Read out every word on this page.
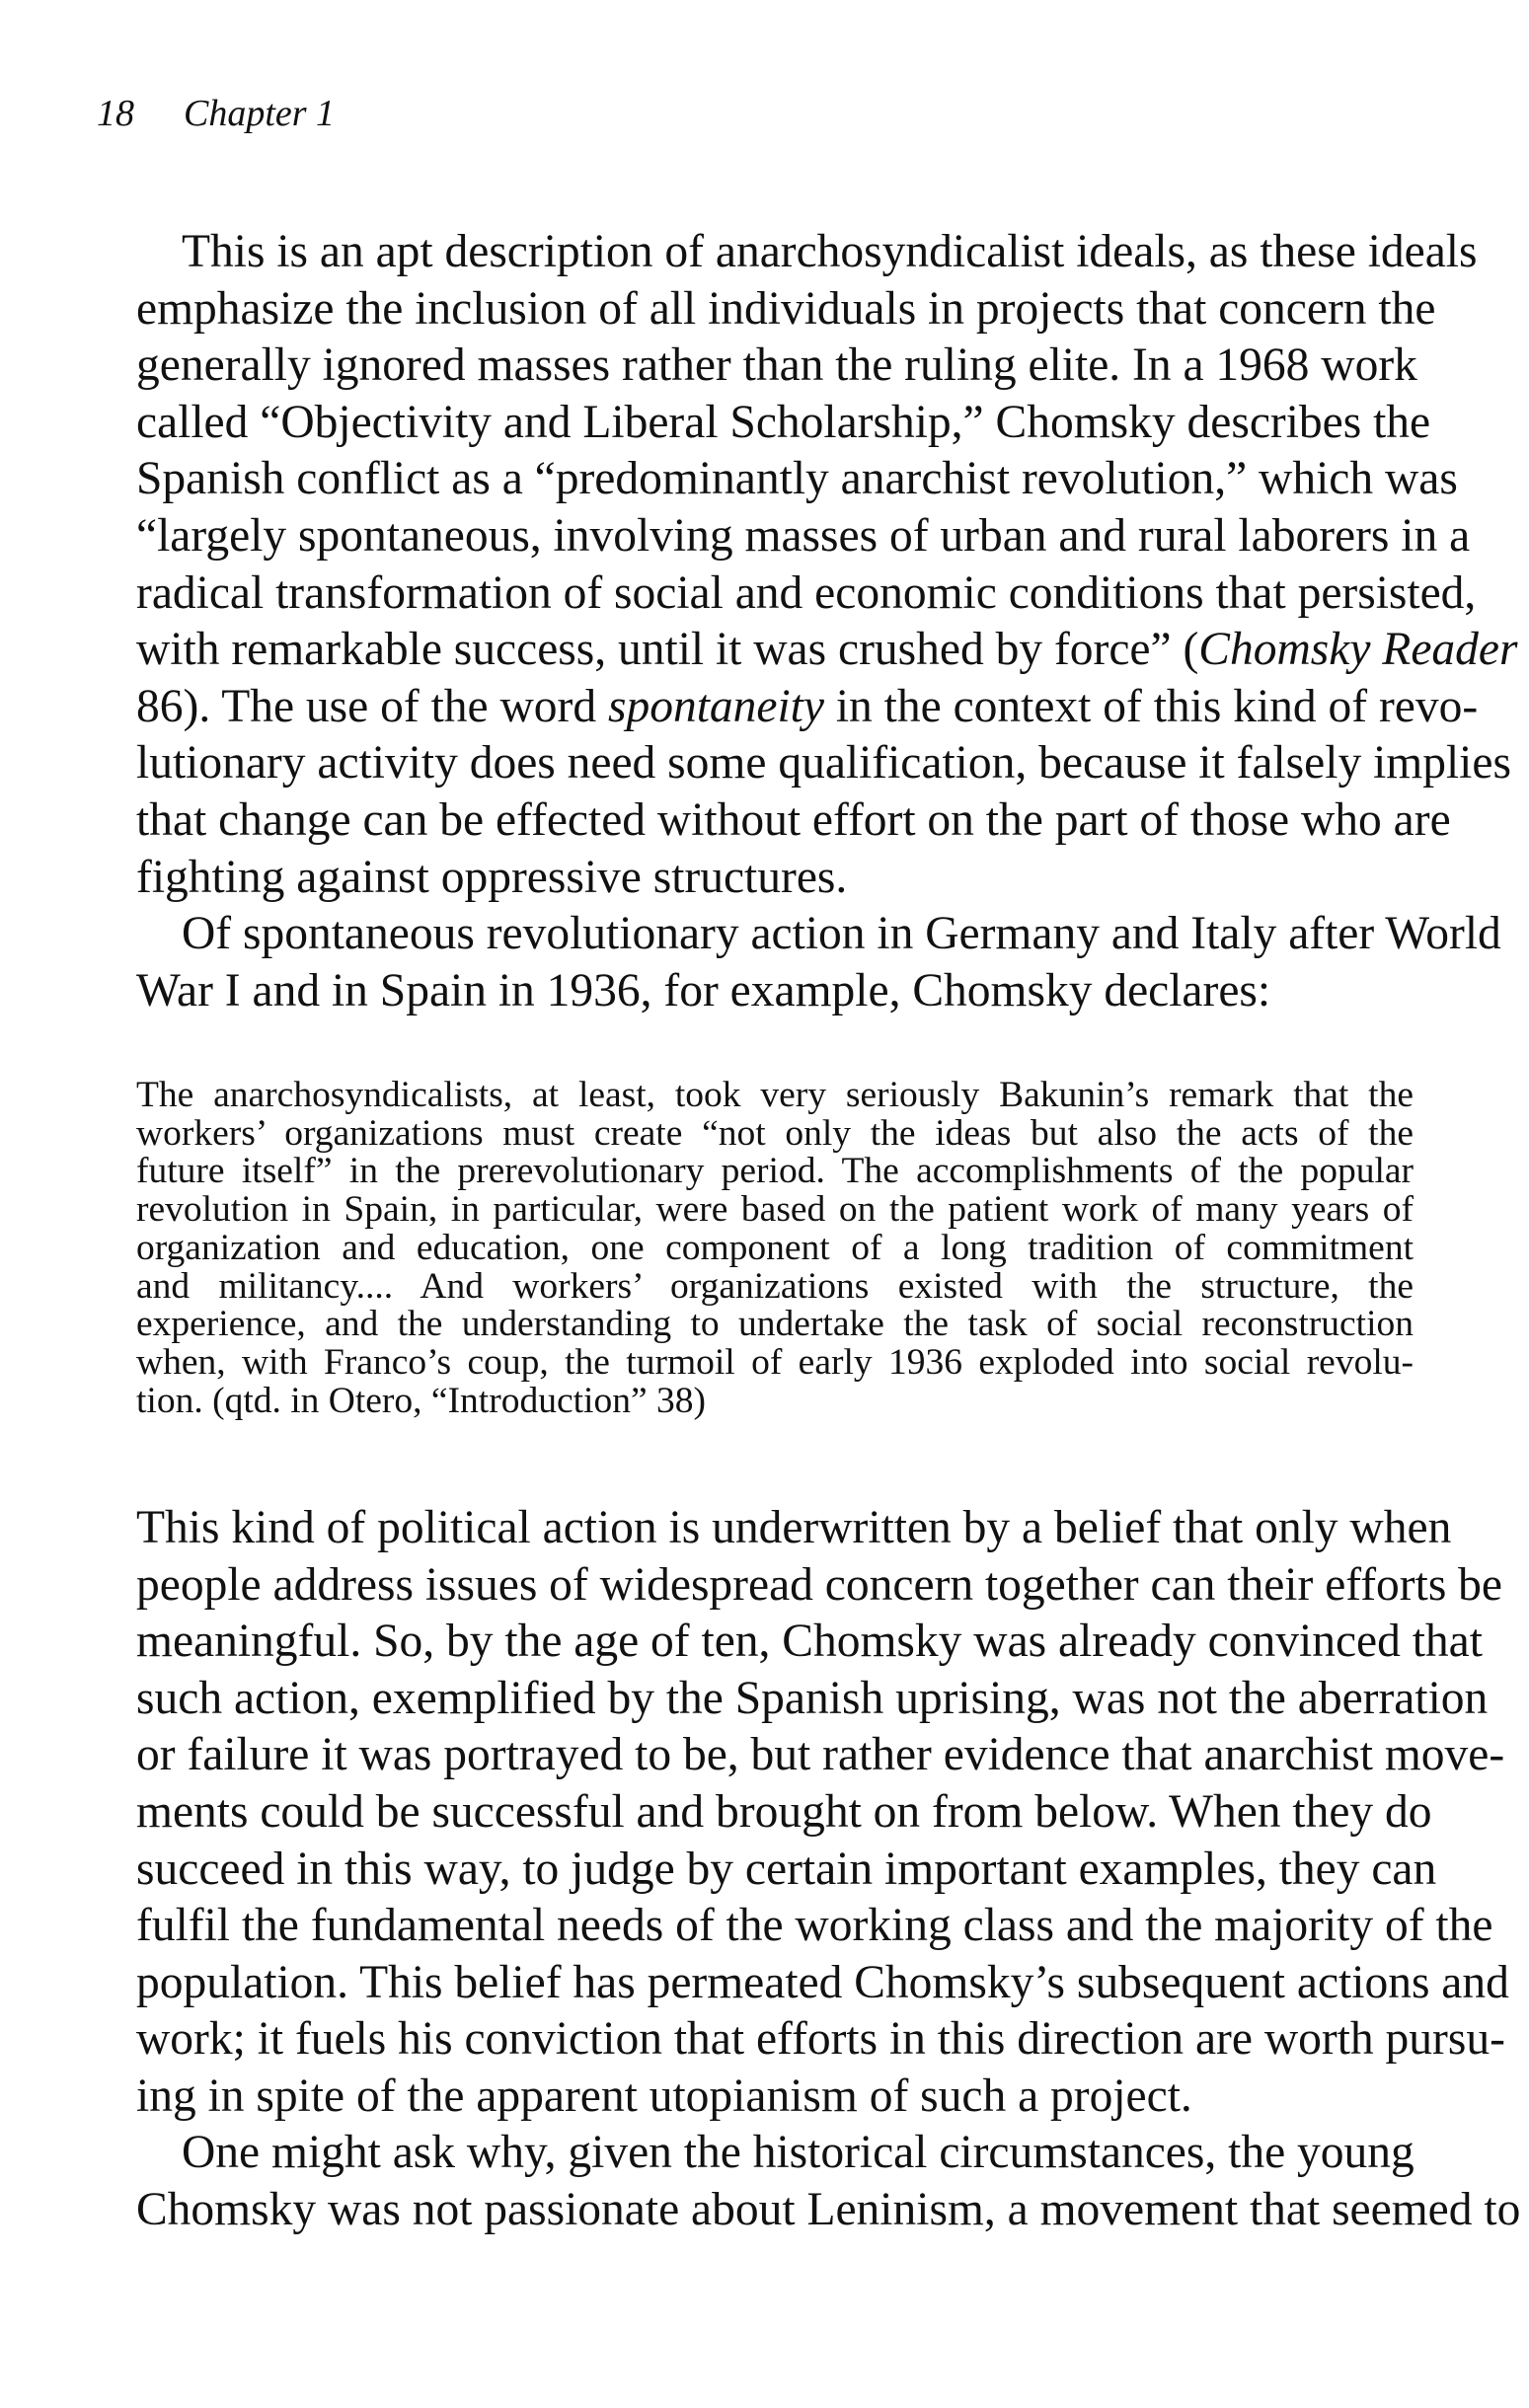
18 Chapter 1

This is an apt description of anarchosyndicalist ideals, as these ideals
emphasize the inclusion of all individuals in projects that concern the
generally ignored masses rather than the ruling elite. In a 1968 work
called “Objectivity and Liberal Scholarship,” Chomsky describes the
Spanish conflict as a “predominantly anarchist revolution,” which was
“largely spontaneous, involving masses of urban and rural laborers in a
radical transformation of social and economic conditions that persisted,
with remarkable success, until it was crushed by force” (Chomsky Reader
86). The use of the word spontaneity in the context of this kind of revo-
lutionary activity does need some qualification, because it falsely implies
that change can be effected without effort on the part of those who are
fighting against oppressive structures.

Of spontaneous revolutionary action in Germany and Italy after World
War I and in Spain in 1936, for example, Chomsky declares:

The anarchosyndicalists, at least, took very seriously Bakunin’s remark that the
workers’ organizations must create “not only the ideas but also the acts of the
future itself” in the prerevolutionary period. The accomplishments of the popular
revolution in Spain, in particular, were based on the patient work of many years of
organization and education, one component of a long tradition of commitment
and militancy.... And workers’ organizations existed with the structure, the
experience, and the understanding to undertake the task of social reconstruction
when, with Franco’s coup, the turmoil of early 1936 exploded into social revolu-
tion. (qtd. in Otero, “Introduction” 38)

This kind of political action is underwritten by a belief that only when
people address issues of widespread concern together can their efforts be
meaningful. So, by the age of ten, Chomsky was already convinced that
such action, exemplified by the Spanish uprising, was not the aberration
or failure it was portrayed to be, but rather evidence that anarchist move-
ments could be successful and brought on from below. When they do
succeed in this way, to judge by certain important examples, they can
fulfil the fundamental needs of the working class and the majority of the
population. This belief has permeated Chomsky’s subsequent actions and
work; it fuels his conviction that efforts in this direction are worth pursu-
ing in spite of the apparent utopianism of such a project.

One might ask why, given the historical circumstances, the young
Chomsky was not passionate about Leninism, a movement that seemed to
